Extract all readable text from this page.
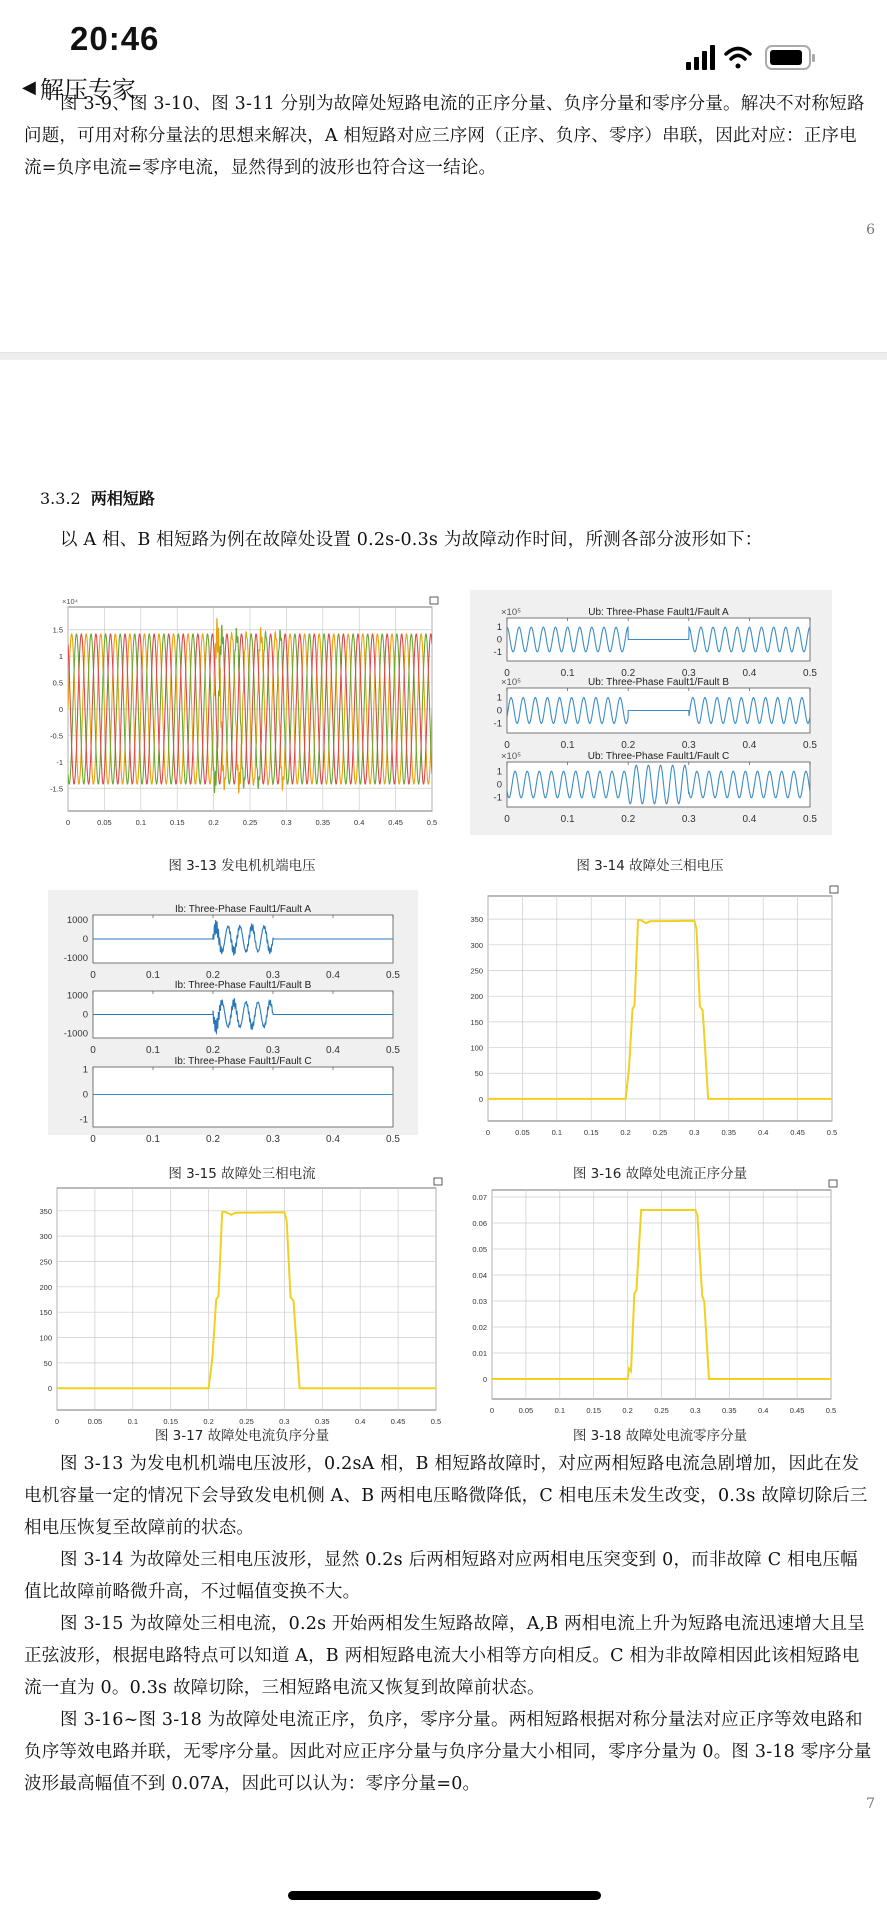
20:46
◀ 解压专家
图 3-9、图 3-10、图 3-11 分别为故障处短路电流的正序分量、负序分量和零序分量。解决不对称短路问题，可用对称分量法的思想来解决，A 相短路对应三序网（正序、负序、零序）串联，因此对应：正序电流=负序电流=零序电流，显然得到的波形也符合这一结论。
6
3.3.2 两相短路
以 A 相、B 相短路为例在故障处设置 0.2s-0.3s 为故障动作时间，所测各部分波形如下：
0	0.05	0.1	0.15	0.2	0.25	0.3	0.35	0.4	0.45	0.5
1.5
1
0.5
0
-0.5
-1
-1.5
×10⁴
0	0.1	0.2	0.3	0.4	0.5
1
0
-1
×10⁵	Ub: Three-Phase Fault1/Fault A
0	0.1	0.2	0.3	0.4	0.5
1
0
-1
×10⁵	Ub: Three-Phase Fault1/Fault B
0	0.1	0.2	0.3	0.4	0.5
1
0
-1
×10⁵	Ub: Three-Phase Fault1/Fault C
0	0.1	0.2	0.3	0.4	0.5
1000
0
-1000
Ib: Three-Phase Fault1/Fault A
0	0.1	0.2	0.3	0.4	0.5
1000
0
-1000
Ib: Three-Phase Fault1/Fault B
0	0.1	0.2	0.3	0.4	0.5
1
0
-1
Ib: Three-Phase Fault1/Fault C
0	0.05	0.1	0.15	0.2	0.25	0.3	0.35	0.4	0.45	0.5
350
300
250
200
150
100
50
0
0	0.05	0.1	0.15	0.2	0.25	0.3	0.35	0.4	0.45	0.5
350
300
250
200
150
100
50
0
0	0.05	0.1	0.15	0.2	0.25	0.3	0.35	0.4	0.45	0.5
0.07
0.06
0.05
0.04
0.03
0.02
0.01
0
图 3-13 发电机机端电压	图 3-14 故障处三相电压
图 3-15 故障处三相电流	图 3-16 故障处电流正序分量
图 3-17 故障处电流负序分量	图 3-18 故障处电流零序分量
图 3-13 为发电机机端电压波形，0.2sA 相，B 相短路故障时，对应两相短路电流急剧增加，因此在发电机容量一定的情况下会导致发电机侧 A、B 两相电压略微降低，C 相电压未发生改变，0.3s 故障切除后三相电压恢复至故障前的状态。
图 3-14 为故障处三相电压波形，显然 0.2s 后两相短路对应两相电压突变到 0，而非故障 C 相电压幅值比故障前略微升高，不过幅值变换不大。
图 3-15 为故障处三相电流，0.2s 开始两相发生短路故障，A,B 两相电流上升为短路电流迅速增大且呈正弦波形，根据电路特点可以知道 A，B 两相短路电流大小相等方向相反。C 相为非故障相因此该相短路电流一直为 0。0.3s 故障切除，三相短路电流又恢复到故障前状态。
图 3-16~图 3-18 为故障处电流正序，负序，零序分量。两相短路根据对称分量法对应正序等效电路和负序等效电路并联，无零序分量。因此对应正序分量与负序分量大小相同，零序分量为 0。图 3-18 零序分量波形最高幅值不到 0.07A，因此可以认为：零序分量=0。
7
